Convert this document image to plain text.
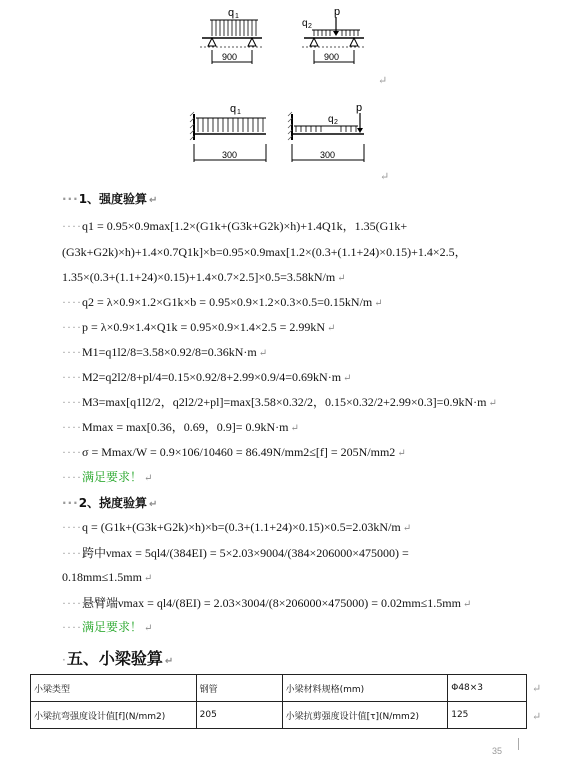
q 1
900
q 2
p
900
↵
q 1
300
p
q 2
300
↵
···1、强度验算 ↵
····q1 = 0.95×0.9max[1.2×(G1k+(G3k+G2k)×h)+1.4Q1k，1.35(G1k+
(G3k+G2k)×h)+1.4×0.7Q1k]×b=0.95×0.9max[1.2×(0.3+(1.1+24)×0.15)+1.4×2.5，
1.35×(0.3+(1.1+24)×0.15)+1.4×0.7×2.5]×0.5=3.58kN/m ↵
····q2 = λ×0.9×1.2×G1k×b = 0.95×0.9×1.2×0.3×0.5=0.15kN/m ↵
····p = λ×0.9×1.4×Q1k = 0.95×0.9×1.4×2.5 = 2.99kN ↵
····M1=q1l2/8=3.58×0.92/8=0.36kN·m ↵
····M2=q2l2/8+pl/4=0.15×0.92/8+2.99×0.9/4=0.69kN·m ↵
····M3=max[q1l2/2，q2l2/2+pl]=max[3.58×0.32/2，0.15×0.32/2+2.99×0.3]=0.9kN·m ↵
····Mmax = max[0.36，0.69，0.9]= 0.9kN·m ↵
····σ = Mmax/W = 0.9×106/10460 = 86.49N/mm2≤[f] = 205N/mm2 ↵
····满足要求！ ↵
···2、挠度验算 ↵
····q = (G1k+(G3k+G2k)×h)×b=(0.3+(1.1+24)×0.15)×0.5=2.03kN/m ↵
····跨中νmax = 5ql4/(384EI) = 5×2.03×9004/(384×206000×475000) =
0.18mm≤1.5mm ↵
····悬臂端νmax = ql4/(8EI) = 2.03×3004/(8×206000×475000) = 0.02mm≤1.5mm ↵
····满足要求！ ↵
·五、小梁验算 ↵
小梁类型	钢管	小梁材料规格(mm)	Φ48×3
小梁抗弯强度设计值[f](N/mm2)	205	小梁抗剪强度设计值[τ](N/mm2)	125
↵
↵
35
